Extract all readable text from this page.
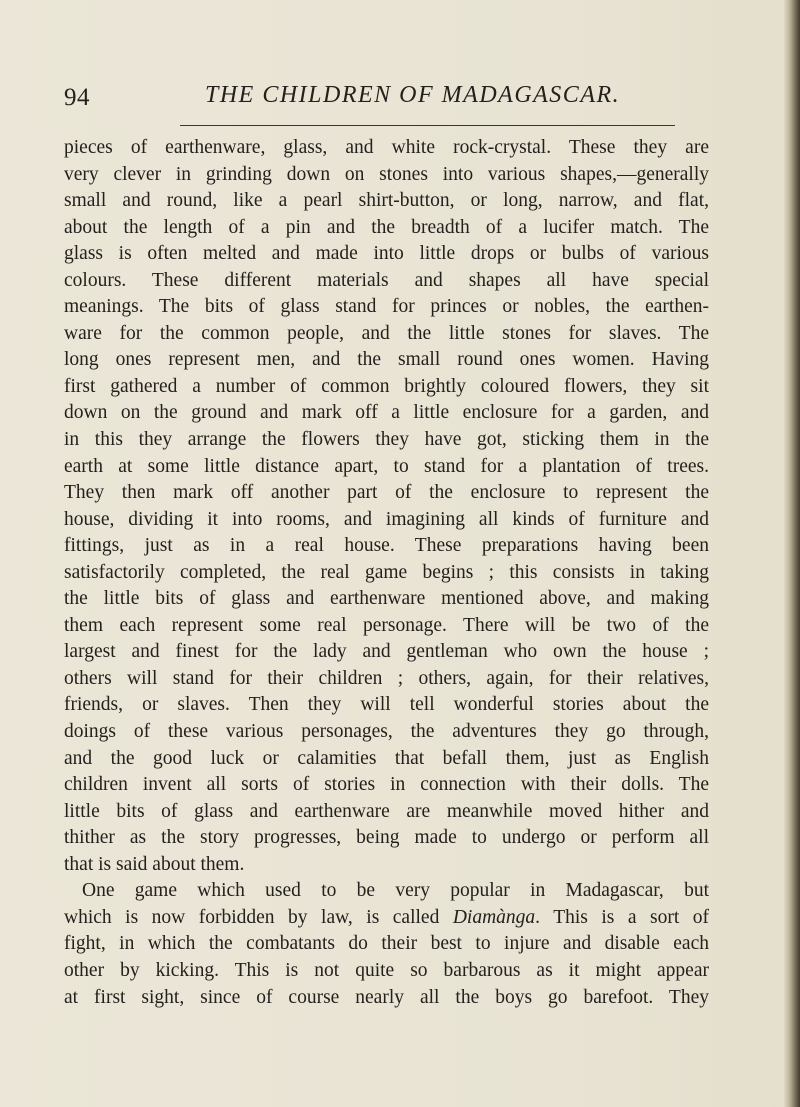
94	THE CHILDREN OF MADAGASCAR.
pieces of earthenware, glass, and white rock-crystal. These they are
very clever in grinding down on stones into various shapes,—generally
small and round, like a pearl shirt-button, or long, narrow, and flat,
about the length of a pin and the breadth of a lucifer match. The
glass is often melted and made into little drops or bulbs of various
colours. These different materials and shapes all have special
meanings. The bits of glass stand for princes or nobles, the earthen-
ware for the common people, and the little stones for slaves. The
long ones represent men, and the small round ones women. Having
first gathered a number of common brightly coloured flowers, they sit
down on the ground and mark off a little enclosure for a garden, and
in this they arrange the flowers they have got, sticking them in the
earth at some little distance apart, to stand for a plantation of trees.
They then mark off another part of the enclosure to represent the
house, dividing it into rooms, and imagining all kinds of furniture and
fittings, just as in a real house. These preparations having been
satisfactorily completed, the real game begins ; this consists in taking
the little bits of glass and earthenware mentioned above, and making
them each represent some real personage. There will be two of the
largest and finest for the lady and gentleman who own the house ;
others will stand for their children ; others, again, for their relatives,
friends, or slaves. Then they will tell wonderful stories about the
doings of these various personages, the adventures they go through,
and the good luck or calamities that befall them, just as English
children invent all sorts of stories in connection with their dolls. The
little bits of glass and earthenware are meanwhile moved hither and
thither as the story progresses, being made to undergo or perform all
that is said about them.
One game which used to be very popular in Madagascar, but
which is now forbidden by law, is called Diamànga. This is a sort of
fight, in which the combatants do their best to injure and disable each
other by kicking. This is not quite so barbarous as it might appear
at first sight, since of course nearly all the boys go barefoot. They
